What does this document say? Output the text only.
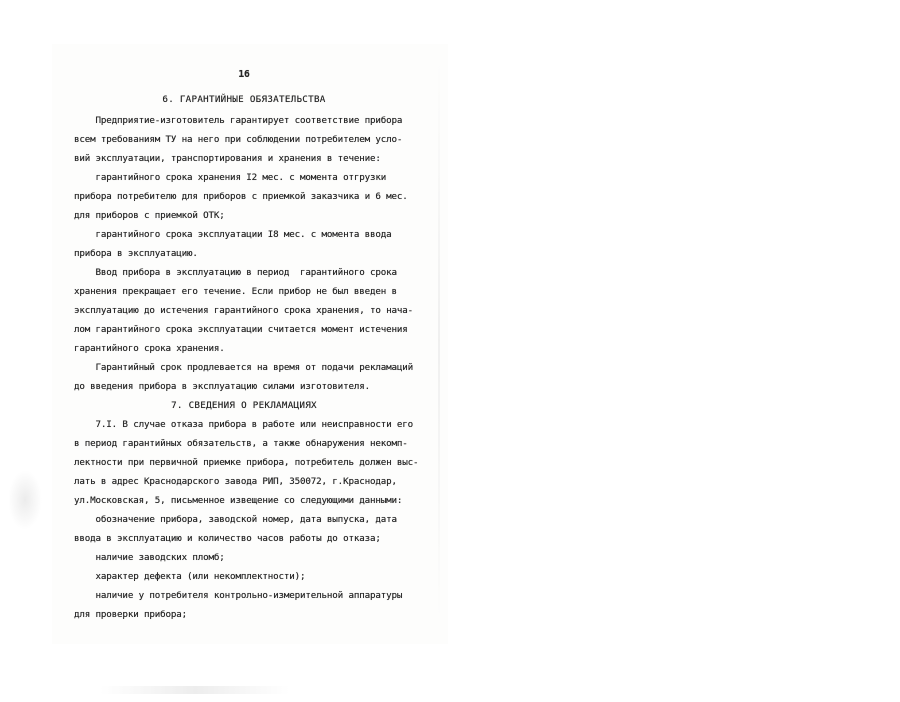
16
6. ГАРАНТИЙНЫЕ ОБЯЗАТЕЛЬСТВА
Предприятие-изготовитель гарантирует соответствие прибора
всем требованиям ТУ на него при соблюдении потребителем усло-
вий эксплуатации, транспортирования и хранения в течение:
гарантийного срока хранения I2 мес. с момента отгрузки
прибора потребителю для приборов с приемкой заказчика и 6 мес.
для приборов с приемкой ОТК;
гарантийного срока эксплуатации I8 мес. с момента ввода
прибора в эксплуатацию.
Ввод прибора в эксплуатацию в период  гарантийного срока
хранения прекращает его течение. Если прибор не был введен в
эксплуатацию до истечения гарантийного срока хранения, то нача-
лом гарантийного срока эксплуатации считается момент истечения
гарантийного срока хранения.
Гарантийный срок продлевается на время от подачи рекламаций
до введения прибора в эксплуатацию силами изготовителя.
7. СВЕДЕНИЯ О РЕКЛАМАЦИЯХ
7.I. В случае отказа прибора в работе или неисправности его
в период гарантийных обязательств, а также обнаружения некомп-
лектности при первичной приемке прибора, потребитель должен выс-
лать в адрес Краснодарского завода РИП, 350072, г.Краснодар,
ул.Московская, 5, письменное извещение со следующими данными:
обозначение прибора, заводской номер, дата выпуска, дата
ввода в эксплуатацию и количество часов работы до отказа;
наличие заводских пломб;
характер дефекта (или некомплектности);
наличие у потребителя контрольно-измерительной аппаратуры
для проверки прибора;
